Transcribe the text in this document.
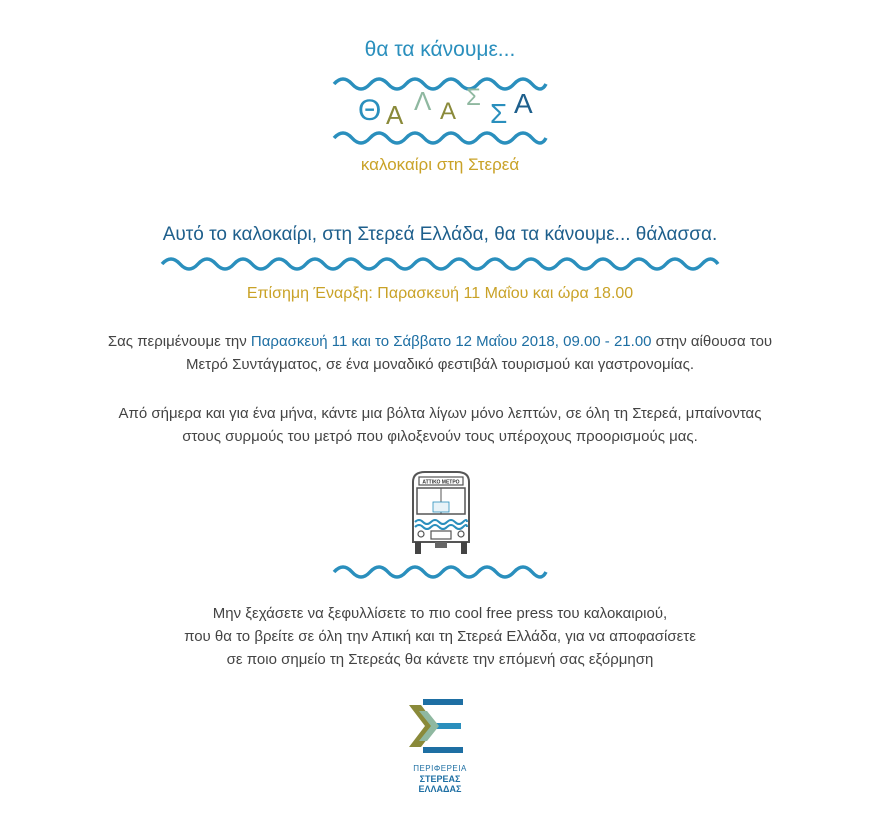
θα τα κάνουμε...
Θ Α Λ Α
Σ
Σ Α
καλοκαίρι στη Στερεά
Αυτό το καλοκαίρι, στη Στερεά Ελλάδα, θα τα κάνουμε... θάλασσα.
Επίσημη Έναρξη: Παρασκευή 11 Μαΐου και ώρα 18.00
Σας περιμένουμε την Παρασκευή 11 και το Σάββατο 12 Μαΐου 2018, 09.00 - 21.00 στην αίθουσα του
Μετρό Συντάγματος, σε ένα μοναδικό φεστιβάλ τουρισμού και γαστρονομίας.
Από σήμερα και για ένα μήνα, κάντε μια βόλτα λίγων μόνο λεπτών, σε όλη τη Στερεά, μπαίνοντας
στους συρμούς του μετρό που φιλοξενούν τους υπέροχους προορισμούς μας.
ΑΤΤΙΚΟ ΜΕΤΡΟ
Μην ξεχάσετε να ξεφυλλίσετε το πιο cool free press του καλοκαιριού,
που θα το βρείτε σε όλη την Απική και τη Στερεά Ελλάδα, για να αποφασίσετε
σε ποιο σημείο τη Στερεάς θα κάνετε την επόμενή σας εξόρμηση
ΠΕΡΙΦΕΡΕΙΑ
ΣΤΕΡΕΑΣ
ΕΛΛΑΔΑΣ
